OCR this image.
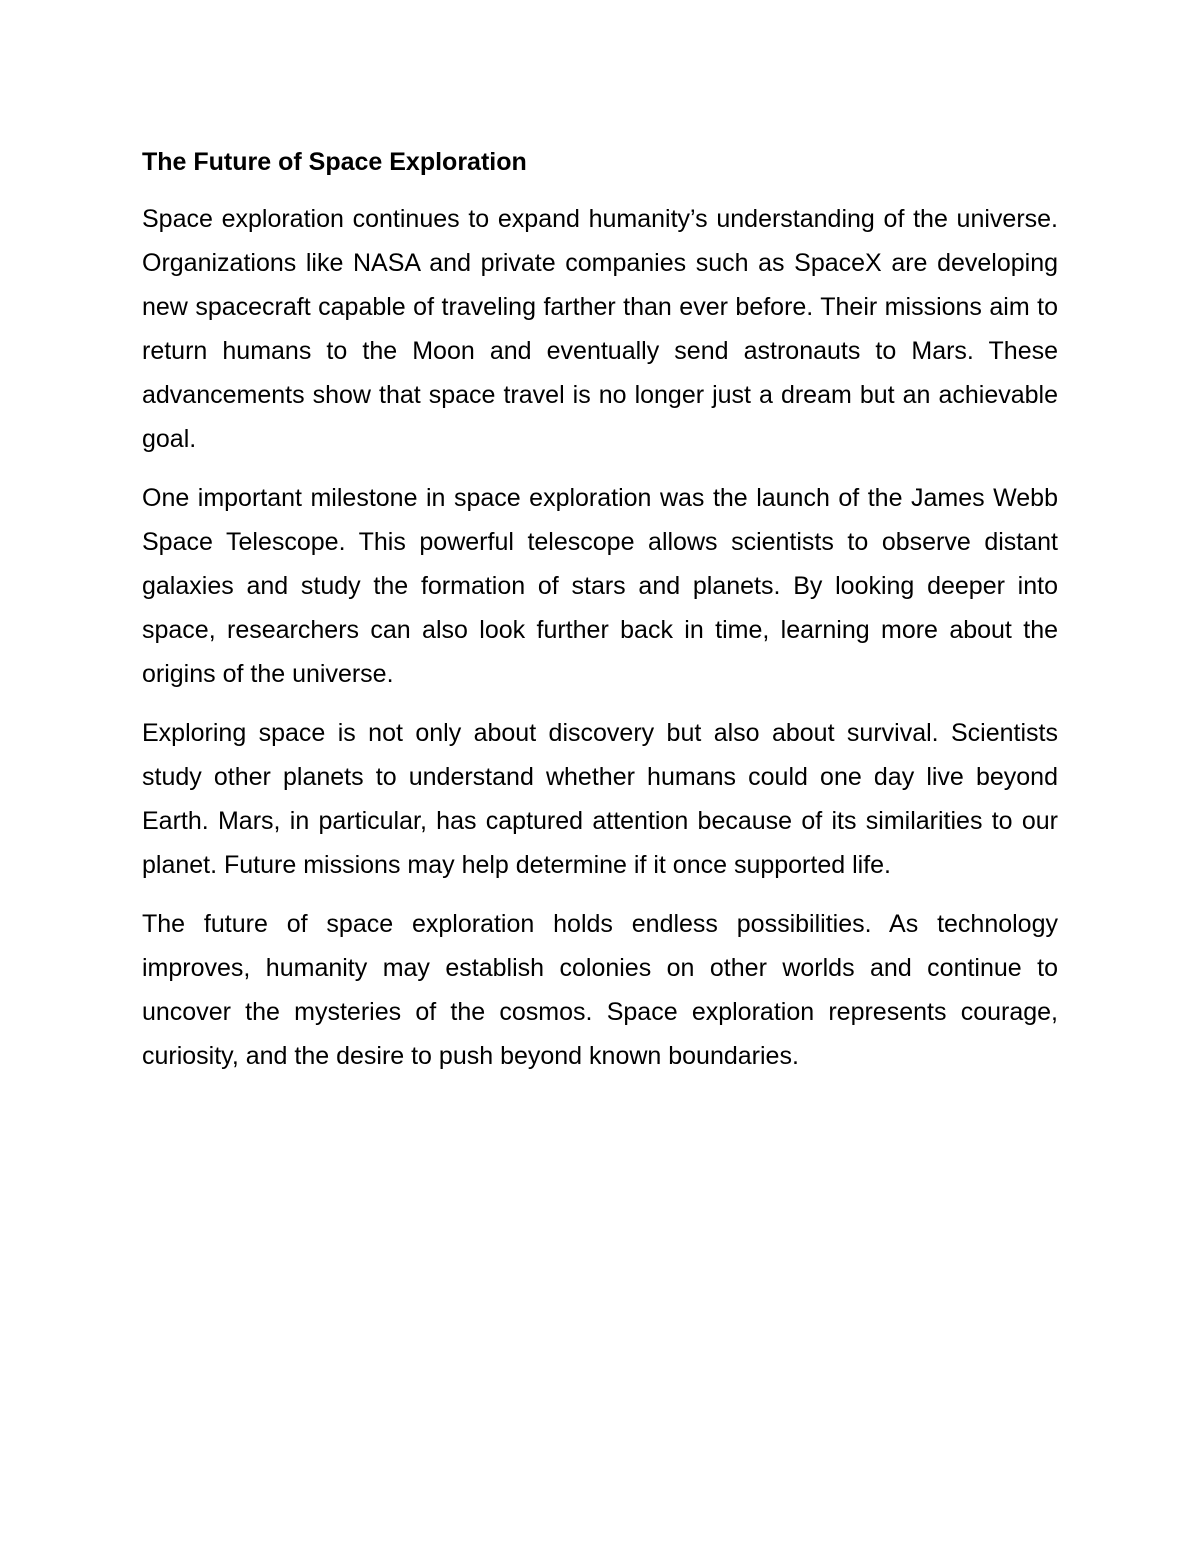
The Future of Space Exploration

Space exploration continues to expand humanity’s understanding of the universe. Organizations like NASA and private companies such as SpaceX are developing new spacecraft capable of traveling farther than ever before. Their missions aim to return humans to the Moon and eventually send astronauts to Mars. These advancements show that space travel is no longer just a dream but an achievable goal.

One important milestone in space exploration was the launch of the James Webb Space Telescope. This powerful telescope allows scientists to observe distant galaxies and study the formation of stars and planets. By looking deeper into space, researchers can also look further back in time, learning more about the origins of the universe.

Exploring space is not only about discovery but also about survival. Scientists study other planets to understand whether humans could one day live beyond Earth. Mars, in particular, has captured attention because of its similarities to our planet. Future missions may help determine if it once supported life.

The future of space exploration holds endless possibilities. As technology improves, humanity may establish colonies on other worlds and continue to uncover the mysteries of the cosmos. Space exploration represents courage, curiosity, and the desire to push beyond known boundaries.
